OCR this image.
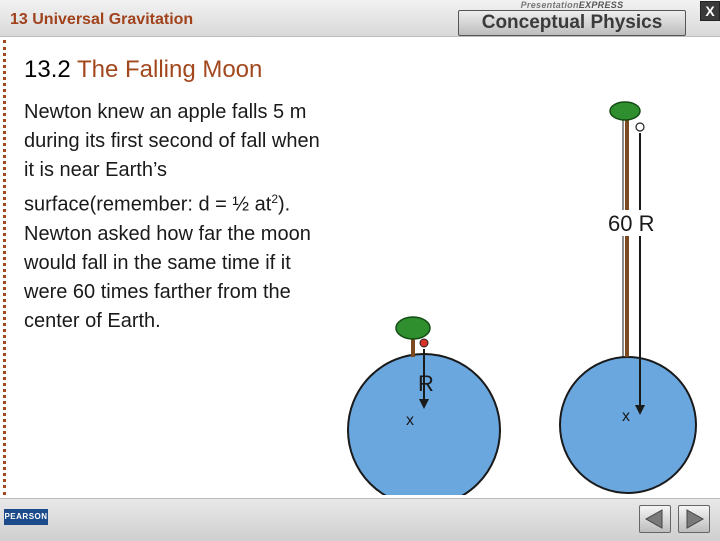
13 Universal Gravitation
PresentationEXPRESS
Conceptual Physics
X
13.2 The Falling Moon
Newton knew an apple falls 5 m during its first second of fall when it is near Earth’s surface(remember: d = ½ $at^2$). Newton asked how far the moon would fall in the same time if it were 60 times farther from the center of Earth.
R
x
60 R
x
PEARSON
